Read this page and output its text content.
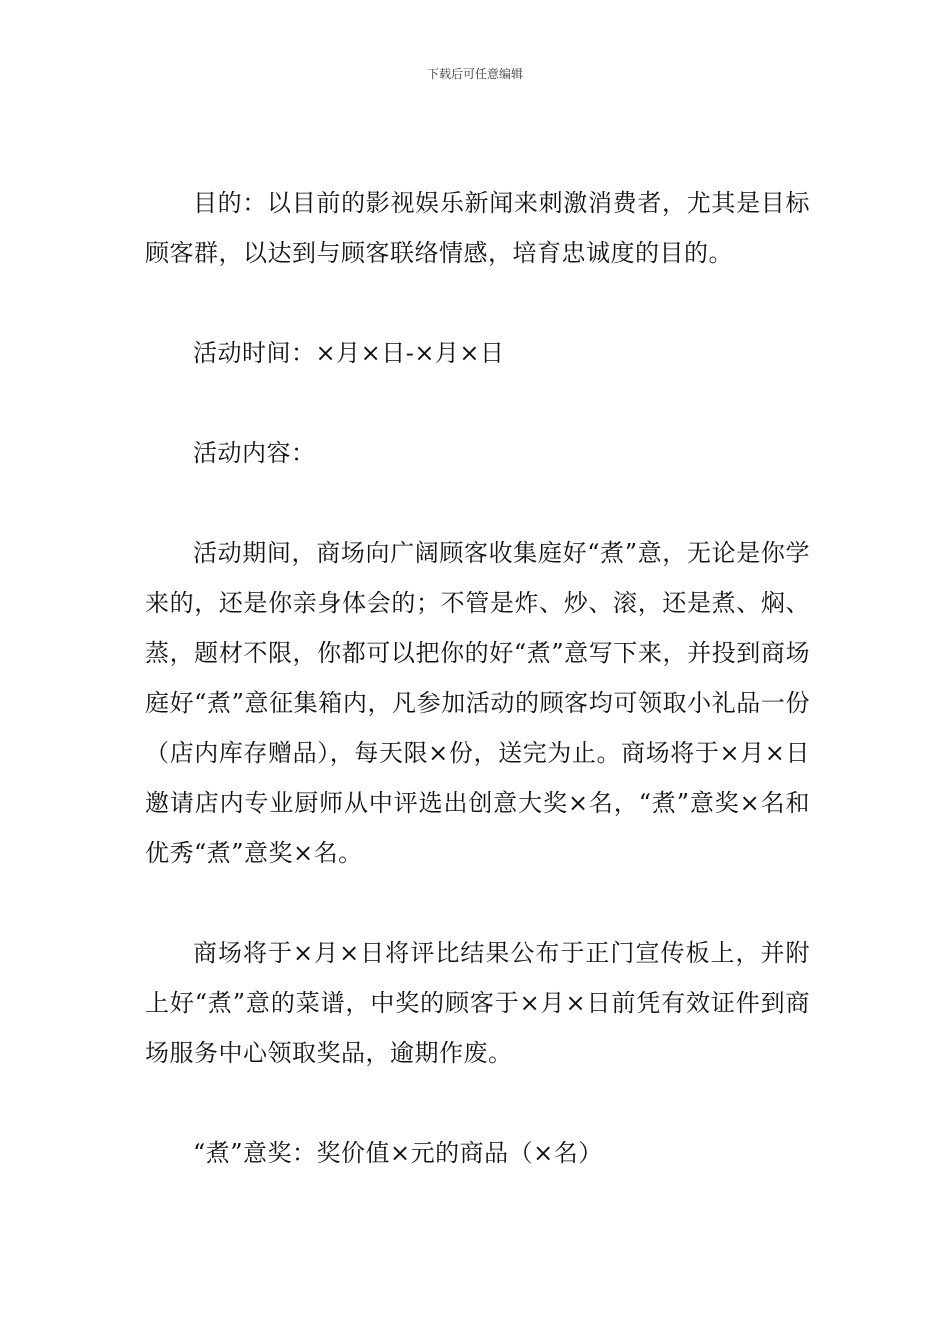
下载后可任意编辑

目的：以目前的影视娱乐新闻来刺激消费者，尤其是目标顾客群，以达到与顾客联络情感，培育忠诚度的目的。

活动时间：×月×日-×月×日

活动内容：

活动期间，商场向广阔顾客收集庭好“煮”意，无论是你学来的，还是你亲身体会的；不管是炸、炒、滚，还是煮、焖、蒸，题材不限，你都可以把你的好“煮”意写下来，并投到商场庭好“煮”意征集箱内，凡参加活动的顾客均可领取小礼品一份（店内库存赠品），每天限×份，送完为止。商场将于×月×日邀请店内专业厨师从中评选出创意大奖×名，“煮”意奖×名和优秀“煮”意奖×名。

商场将于×月×日将评比结果公布于正门宣传板上，并附上好“煮”意的菜谱，中奖的顾客于×月×日前凭有效证件到商场服务中心领取奖品，逾期作废。

“煮”意奖：奖价值×元的商品（×名）
